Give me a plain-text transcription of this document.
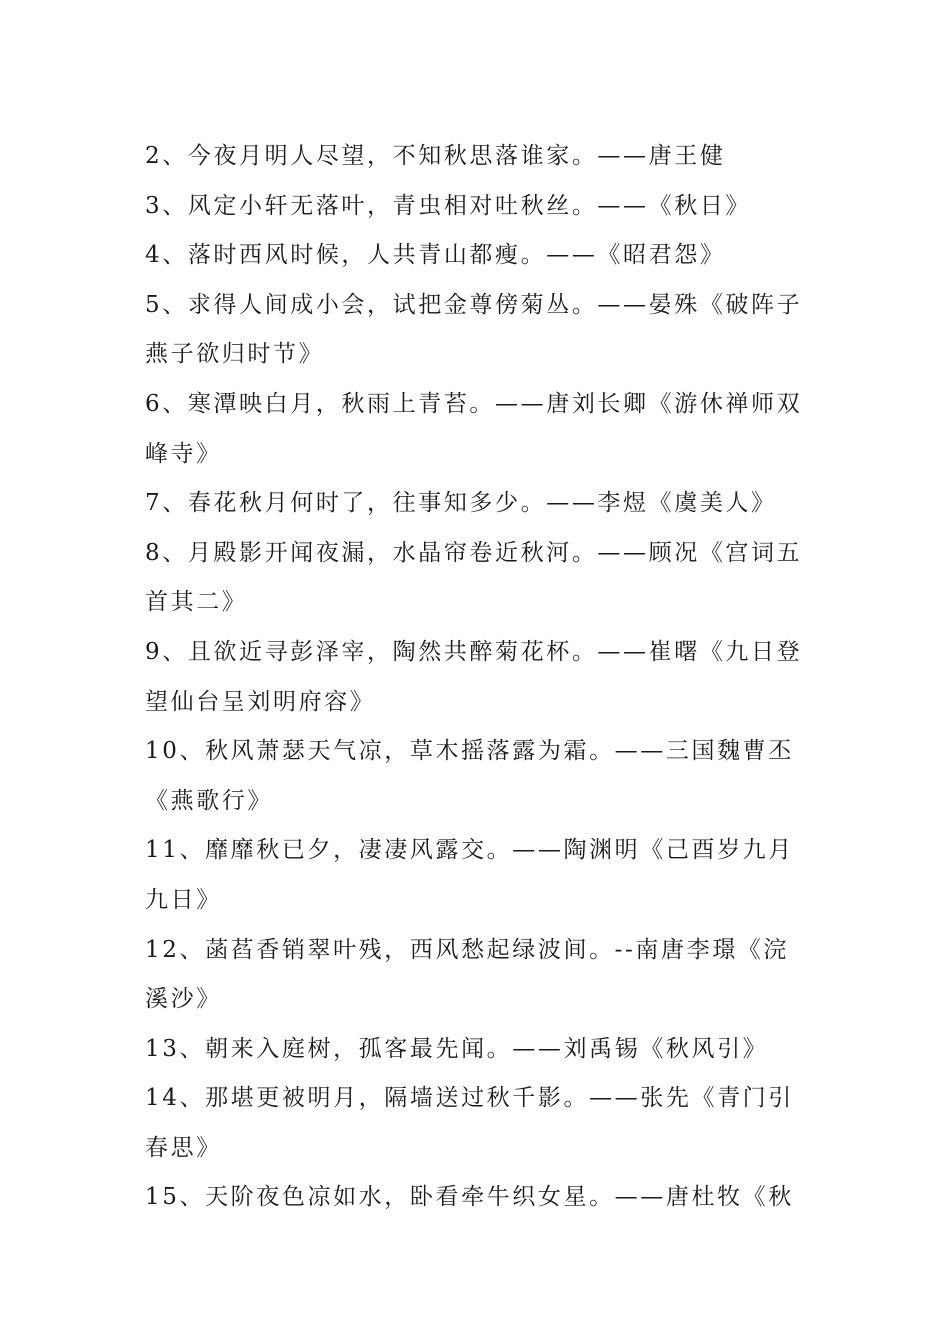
2、今夜月明人尽望，不知秋思落谁家。——唐王健
3、风定小轩无落叶，青虫相对吐秋丝。——《秋日》
4、落时西风时候，人共青山都瘦。——《昭君怨》
5、求得人间成小会，试把金尊傍菊丛。——晏殊《破阵子
燕子欲归时节》
6、寒潭映白月，秋雨上青苔。——唐刘长卿《游休禅师双
峰寺》
7、春花秋月何时了，往事知多少。——李煜《虞美人》
8、月殿影开闻夜漏，水晶帘卷近秋河。——顾况《宫词五
首其二》
9、且欲近寻彭泽宰，陶然共醉菊花杯。——崔曙《九日登
望仙台呈刘明府容》
10、秋风萧瑟天气凉，草木摇落露为霜。——三国魏曹丕
《燕歌行》
11、靡靡秋已夕，凄凄风露交。——陶渊明《己酉岁九月
九日》
12、菡萏香销翠叶残，西风愁起绿波间。--南唐李璟《浣
溪沙》
13、朝来入庭树，孤客最先闻。——刘禹锡《秋风引》
14、那堪更被明月，隔墙送过秋千影。——张先《青门引
春思》
15、天阶夜色凉如水，卧看牵牛织女星。——唐杜牧《秋
